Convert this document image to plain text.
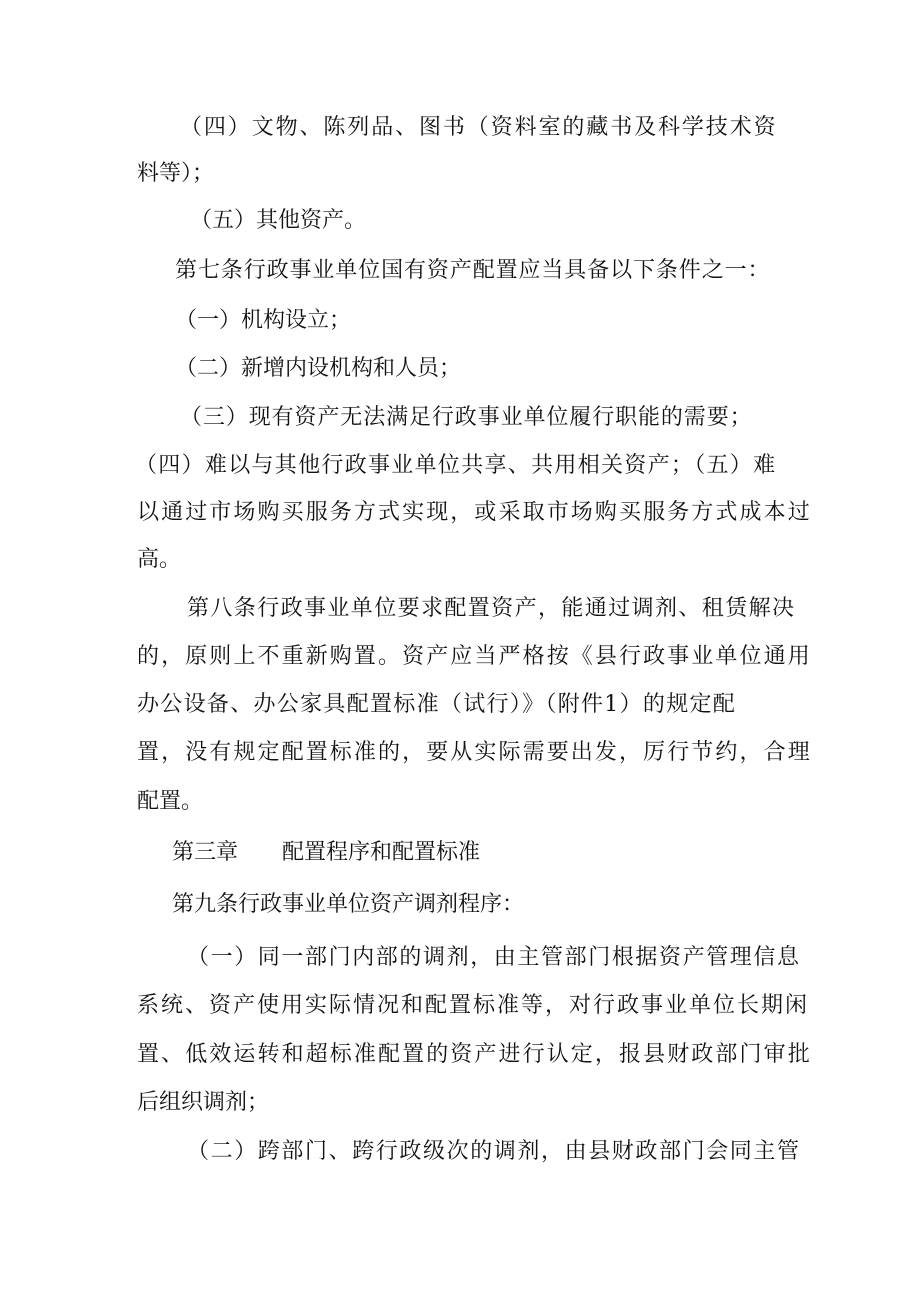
（四）文物、陈列品、图书（资料室的藏书及科学技术资
料等）；
（五）其他资产。
第七条行政事业单位国有资产配置应当具备以下条件之一：
（一）机构设立；
（二）新增内设机构和人员；
（三）现有资产无法满足行政事业单位履行职能的需要；
（四）难以与其他行政事业单位共享、共用相关资产；（五）难
以通过市场购买服务方式实现，或采取市场购买服务方式成本过
高。
第八条行政事业单位要求配置资产，能通过调剂、租赁解决
的，原则上不重新购置。资产应当严格按《县行政事业单位通用
办公设备、办公家具配置标准（试行）》（附件1）的规定配
置，没有规定配置标准的，要从实际需要出发，厉行节约，合理
配置。
第三章 配置程序和配置标准
第九条行政事业单位资产调剂程序：
（一）同一部门内部的调剂，由主管部门根据资产管理信息
系统、资产使用实际情况和配置标准等，对行政事业单位长期闲
置、低效运转和超标准配置的资产进行认定，报县财政部门审批
后组织调剂；
（二）跨部门、跨行政级次的调剂，由县财政部门会同主管
